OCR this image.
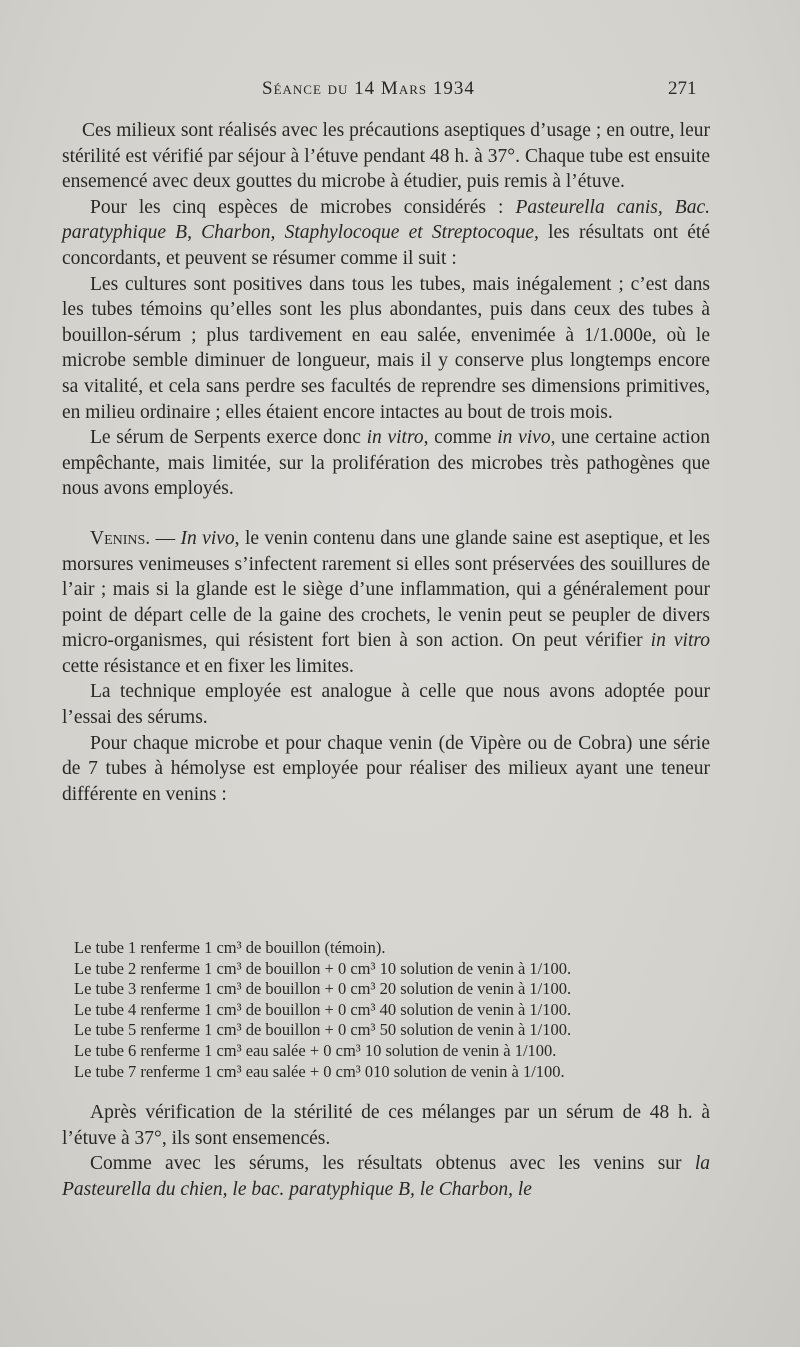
Séance du 14 Mars 1934	271

Ces milieux sont réalisés avec les précautions aseptiques d’usage ; en outre, leur stérilité est vérifié par séjour à l’étuve pendant 48 h. à 37°. Chaque tube est ensuite ensemencé avec deux gouttes du microbe à étudier, puis remis à l’étuve.

Pour les cinq espèces de microbes considérés : Pasteurella canis, Bac. paratyphique B, Charbon, Staphylocoque et Streptocoque, les résultats ont été concordants, et peuvent se résumer comme il suit :

Les cultures sont positives dans tous les tubes, mais inégalement ; c’est dans les tubes témoins qu’elles sont les plus abondantes, puis dans ceux des tubes à bouillon-sérum ; plus tardivement en eau salée, envenimée à 1/1.000e, où le microbe semble diminuer de longueur, mais il y conserve plus longtemps encore sa vitalité, et cela sans perdre ses facultés de reprendre ses dimensions primitives, en milieu ordinaire ; elles étaient encore intactes au bout de trois mois.

Le sérum de Serpents exerce donc in vitro, comme in vivo, une certaine action empêchante, mais limitée, sur la prolifération des microbes très pathogènes que nous avons employés.

Venins. — In vivo, le venin contenu dans une glande saine est aseptique, et les morsures venimeuses s’infectent rarement si elles sont préservées des souillures de l’air ; mais si la glande est le siège d’une inflammation, qui a généralement pour point de départ celle de la gaine des crochets, le venin peut se peupler de divers micro-organismes, qui résistent fort bien à son action. On peut vérifier in vitro cette résistance et en fixer les limites.

La technique employée est analogue à celle que nous avons adoptée pour l’essai des sérums.

Pour chaque microbe et pour chaque venin (de Vipère ou de Cobra) une série de 7 tubes à hémolyse est employée pour réaliser des milieux ayant une teneur différente en venins :

Le tube 1 renferme 1 cm³ de bouillon (témoin).
Le tube 2 renferme 1 cm³ de bouillon + 0 cm³ 10 solution de venin à 1/100.
Le tube 3 renferme 1 cm³ de bouillon + 0 cm³ 20 solution de venin à 1/100.
Le tube 4 renferme 1 cm³ de bouillon + 0 cm³ 40 solution de venin à 1/100.
Le tube 5 renferme 1 cm³ de bouillon + 0 cm³ 50 solution de venin à 1/100.
Le tube 6 renferme 1 cm³ eau salée + 0 cm³ 10 solution de venin à 1/100.
Le tube 7 renferme 1 cm³ eau salée + 0 cm³ 010 solution de venin à 1/100.

Après vérification de la stérilité de ces mélanges par un sérum de 48 h. à l’étuve à 37°, ils sont ensemencés.

Comme avec les sérums, les résultats obtenus avec les venins sur la Pasteurella du chien, le bac. paratyphique B, le Charbon, le
